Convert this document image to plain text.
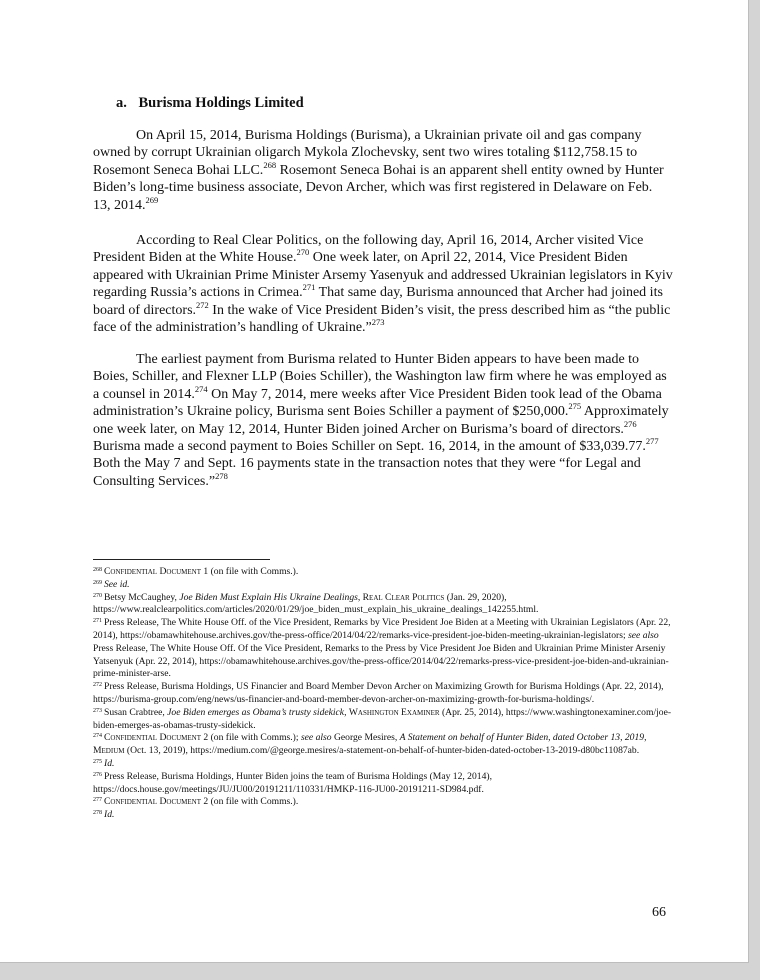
a. Burisma Holdings Limited

On April 15, 2014, Burisma Holdings (Burisma), a Ukrainian private oil and gas company owned by corrupt Ukrainian oligarch Mykola Zlochevsky, sent two wires totaling $112,758.15 to Rosemont Seneca Bohai LLC.$^{268}$ Rosemont Seneca Bohai is an apparent shell entity owned by Hunter Biden’s long-time business associate, Devon Archer, which was first registered in Delaware on Feb. 13, 2014.$^{269}$

According to Real Clear Politics, on the following day, April 16, 2014, Archer visited Vice President Biden at the White House.$^{270}$ One week later, on April 22, 2014, Vice President Biden appeared with Ukrainian Prime Minister Arsemy Yasenyuk and addressed Ukrainian legislators in Kyiv regarding Russia’s actions in Crimea.$^{271}$ That same day, Burisma announced that Archer had joined its board of directors.$^{272}$ In the wake of Vice President Biden’s visit, the press described him as “the public face of the administration’s handling of Ukraine.”$^{273}$

The earliest payment from Burisma related to Hunter Biden appears to have been made to Boies, Schiller, and Flexner LLP (Boies Schiller), the Washington law firm where he was employed as a counsel in 2014.$^{274}$ On May 7, 2014, mere weeks after Vice President Biden took lead of the Obama administration’s Ukraine policy, Burisma sent Boies Schiller a payment of $250,000.$^{275}$ Approximately one week later, on May 12, 2014, Hunter Biden joined Archer on Burisma’s board of directors.$^{276}$ Burisma made a second payment to Boies Schiller on Sept. 16, 2014, in the amount of $33,039.77.$^{277}$ Both the May 7 and Sept. 16 payments state in the transaction notes that they were “for Legal and Consulting Services.”$^{278}$

$^{268}$ Confidential Document 1 (on file with Comms.).
$^{269}$ See id.
$^{270}$ Betsy McCaughey, Joe Biden Must Explain His Ukraine Dealings, Real Clear Politics (Jan. 29, 2020), https://www.realclearpolitics.com/articles/2020/01/29/joe_biden_must_explain_his_ukraine_dealings_142255.html.
$^{271}$ Press Release, The White House Off. of the Vice President, Remarks by Vice President Joe Biden at a Meeting with Ukrainian Legislators (Apr. 22, 2014), https://obamawhitehouse.archives.gov/the-press-office/2014/04/22/remarks-vice-president-joe-biden-meeting-ukrainian-legislators; see also Press Release, The White House Off. Of the Vice President, Remarks to the Press by Vice President Joe Biden and Ukrainian Prime Minister Arseniy Yatsenyuk (Apr. 22, 2014), https://obamawhitehouse.archives.gov/the-press-office/2014/04/22/remarks-press-vice-president-joe-biden-and-ukrainian-prime-minister-arse.
$^{272}$ Press Release, Burisma Holdings, US Financier and Board Member Devon Archer on Maximizing Growth for Burisma Holdings (Apr. 22, 2014), https://burisma-group.com/eng/news/us-financier-and-board-member-devon-archer-on-maximizing-growth-for-burisma-holdings/.
$^{273}$ Susan Crabtree, Joe Biden emerges as Obama’s trusty sidekick, Washington Examiner (Apr. 25, 2014), https://www.washingtonexaminer.com/joe-biden-emerges-as-obamas-trusty-sidekick.
$^{274}$ Confidential Document 2 (on file with Comms.); see also George Mesires, A Statement on behalf of Hunter Biden, dated October 13, 2019, Medium (Oct. 13, 2019), https://medium.com/@george.mesires/a-statement-on-behalf-of-hunter-biden-dated-october-13-2019-d80bc11087ab.
$^{275}$ Id.
$^{276}$ Press Release, Burisma Holdings, Hunter Biden joins the team of Burisma Holdings (May 12, 2014), https://docs.house.gov/meetings/JU/JU00/20191211/110331/HMKP-116-JU00-20191211-SD984.pdf.
$^{277}$ Confidential Document 2 (on file with Comms.).
$^{278}$ Id.
66
